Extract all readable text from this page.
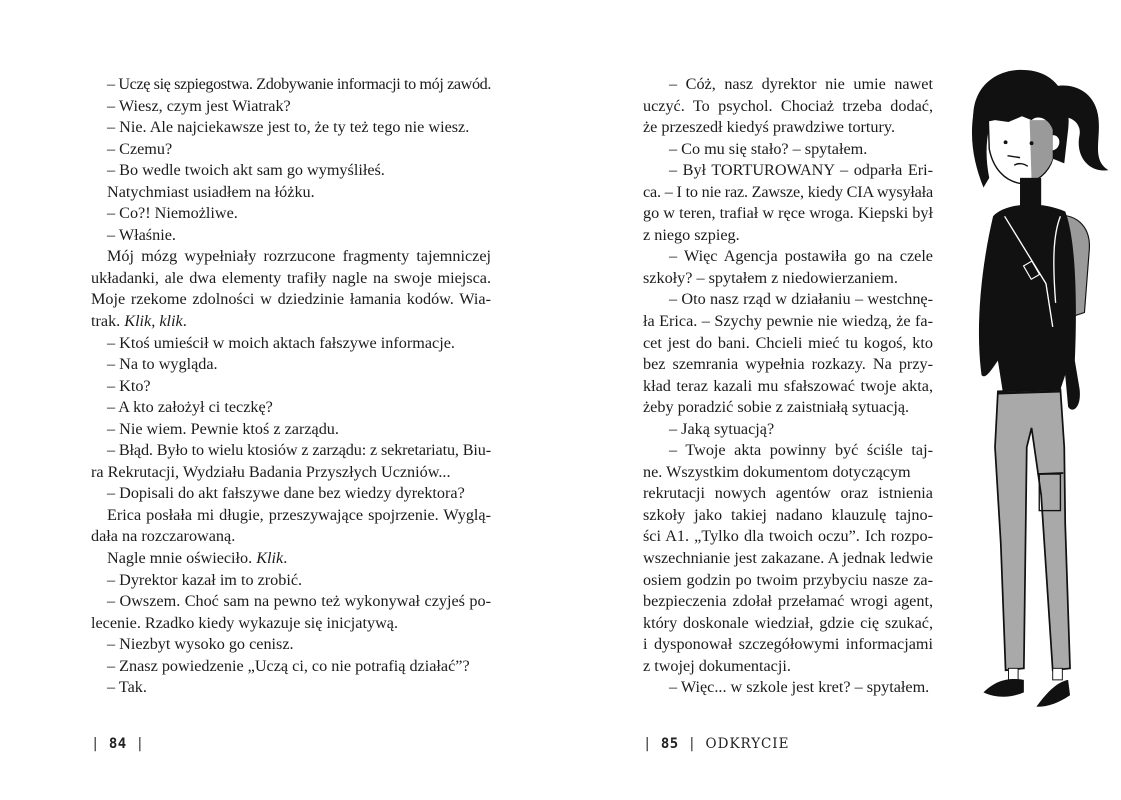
– Uczę się szpiegostwa. Zdobywanie informacji to mój zawód.
– Wiesz, czym jest Wiatrak?
– Nie. Ale najciekawsze jest to, że ty też tego nie wiesz.
– Czemu?
– Bo wedle twoich akt sam go wymyśliłeś.
Natychmiast usiadłem na łóżku.
– Co?! Niemożliwe.
– Właśnie.
Mój mózg wypełniały rozrzucone fragmenty tajemniczej
układanki, ale dwa elementy trafiły nagle na swoje miejsca.
Moje rzekome zdolności w dziedzinie łamania kodów. Wia-
trak. Klik, klik.
– Ktoś umieścił w moich aktach fałszywe informacje.
– Na to wygląda.
– Kto?
– A kto założył ci teczkę?
– Nie wiem. Pewnie ktoś z zarządu.
– Błąd. Było to wielu ktosiów z zarządu: z sekretariatu, Biu-
ra Rekrutacji, Wydziału Badania Przyszłych Uczniów...
– Dopisali do akt fałszywe dane bez wiedzy dyrektora?
Erica posłała mi długie, przeszywające spojrzenie. Wyglą-
dała na rozczarowaną.
Nagle mnie oświeciło. Klik.
– Dyrektor kazał im to zrobić.
– Owszem. Choć sam na pewno też wykonywał czyjeś po-
lecenie. Rzadko kiedy wykazuje się inicjatywą.
– Niezbyt wysoko go cenisz.
– Znasz powiedzenie „Uczą ci, co nie potrafią działać”?
– Tak.
| 84 |
– Cóż, nasz dyrektor nie umie nawet
uczyć. To psychol. Chociaż trzeba dodać,
że przeszedł kiedyś prawdziwe tortury.
– Co mu się stało? – spytałem.
– Był TORTUROWANY – odparła Eri-
ca. – I to nie raz. Zawsze, kiedy CIA wysyłała
go w teren, trafiał w ręce wroga. Kiepski był
z niego szpieg.
– Więc Agencja postawiła go na czele
szkoły? – spytałem z niedowierzaniem.
– Oto nasz rząd w działaniu – westchnę-
ła Erica. – Szychy pewnie nie wiedzą, że fa-
cet jest do bani. Chcieli mieć tu kogoś, kto
bez szemrania wypełnia rozkazy. Na przy-
kład teraz kazali mu sfałszować twoje akta,
żeby poradzić sobie z zaistniałą sytuacją.
– Jaką sytuacją?
– Twoje akta powinny być ściśle taj-
ne. Wszystkim dokumentom dotyczącym
rekrutacji nowych agentów oraz istnienia
szkoły jako takiej nadano klauzulę tajno-
ści A1. „Tylko dla twoich oczu”. Ich rozpo-
wszechnianie jest zakazane. A jednak ledwie
osiem godzin po twoim przybyciu nasze za-
bezpieczenia zdołał przełamać wrogi agent,
który doskonale wiedział, gdzie cię szukać,
i dysponował szczegółowymi informacjami
z twojej dokumentacji.
– Więc... w szkole jest kret? – spytałem.
| 85 | ODKRYCIE
